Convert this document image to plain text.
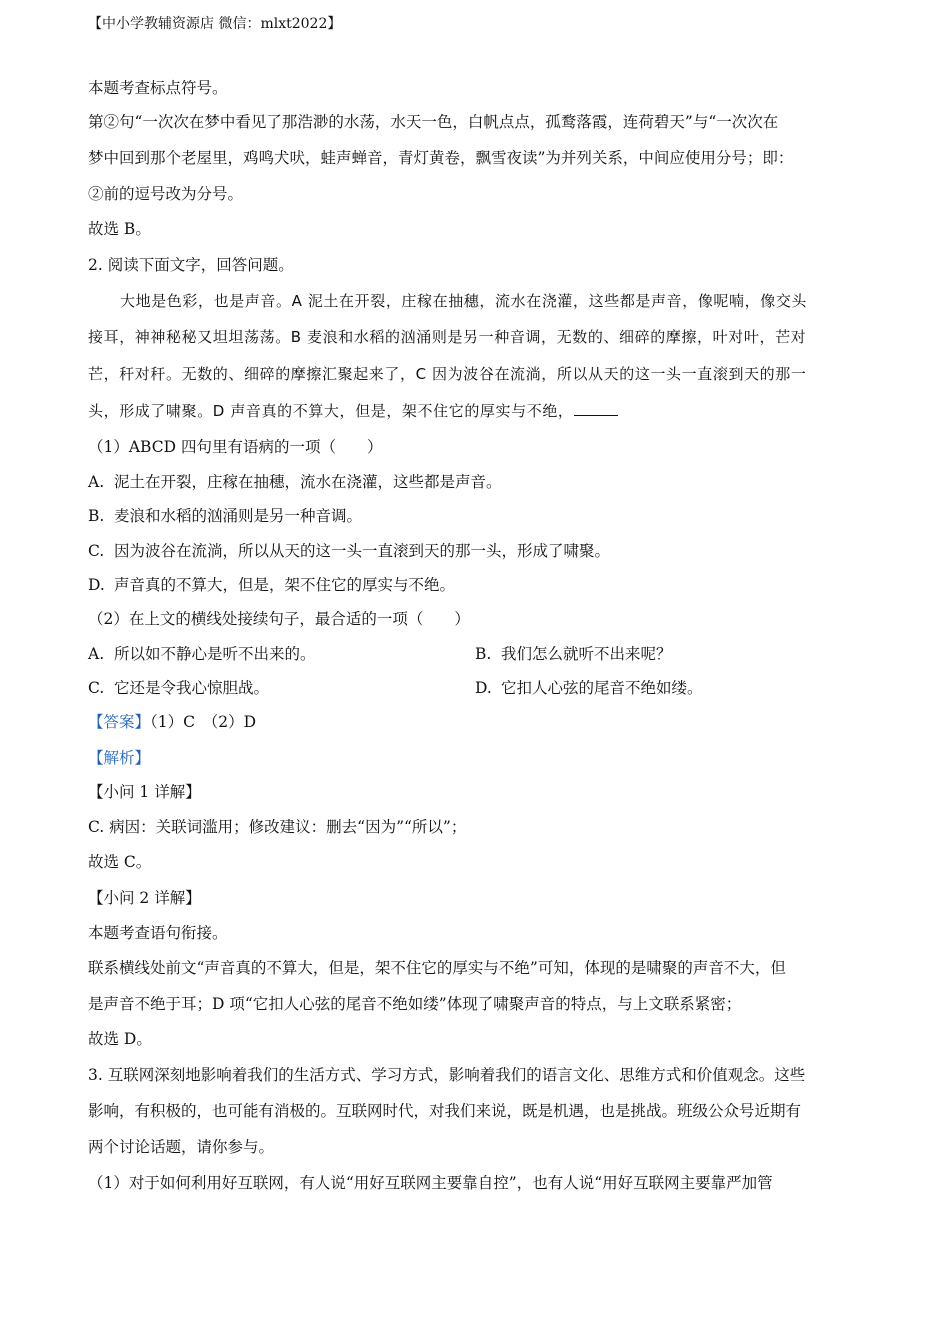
【中小学教辅资源店 微信：mlxt2022】
本题考查标点符号。
第②句“一次次在梦中看见了那浩渺的水荡，水天一色，白帆点点，孤鹜落霞，连荷碧天”与“一次次在
梦中回到那个老屋里，鸡鸣犬吠，蛙声蝉音，青灯黄卷，飘雪夜读”为并列关系，中间应使用分号；即：
②前的逗号改为分号。
故选 B。
2. 阅读下面文字，回答问题。
大地是色彩，也是声音。A 泥土在开裂，庄稼在抽穗，流水在浇灌，这些都是声音，像呢喃，像交头
接耳，神神秘秘又坦坦荡荡。B 麦浪和水稻的汹涌则是另一种音调，无数的、细碎的摩擦，叶对叶，芒对
芒，秆对秆。无数的、细碎的摩擦汇聚起来了，C 因为波谷在流淌，所以从天的这一头一直滚到天的那一
头，形成了啸聚。D 声音真的不算大，但是，架不住它的厚实与不绝，
（1）ABCD 四句里有语病的一项（　　）
A. 泥土在开裂，庄稼在抽穗，流水在浇灌，这些都是声音。
B. 麦浪和水稻的汹涌则是另一种音调。
C. 因为波谷在流淌，所以从天的这一头一直滚到天的那一头，形成了啸聚。
D. 声音真的不算大，但是，架不住它的厚实与不绝。
（2）在上文的横线处接续句子，最合适的一项（　　）
A. 所以如不静心是听不出来的。	B. 我们怎么就听不出来呢？
C. 它还是令我心惊胆战。	D. 它扣人心弦的尾音不绝如缕。
【答案】（1）C　（2）D
【解析】
【小问 1 详解】
C. 病因：关联词滥用；修改建议：删去“因为”“所以”；
故选 C。
【小问 2 详解】
本题考查语句衔接。
联系横线处前文“声音真的不算大，但是，架不住它的厚实与不绝”可知，体现的是啸聚的声音不大，但
是声音不绝于耳；D 项“它扣人心弦的尾音不绝如缕”体现了啸聚声音的特点，与上文联系紧密；
故选 D。
3. 互联网深刻地影响着我们的生活方式、学习方式，影响着我们的语言文化、思维方式和价值观念。这些
影响，有积极的，也可能有消极的。互联网时代，对我们来说，既是机遇，也是挑战。班级公众号近期有
两个讨论话题，请你参与。
（1）对于如何利用好互联网，有人说“用好互联网主要靠自控”，也有人说“用好互联网主要靠严加管
